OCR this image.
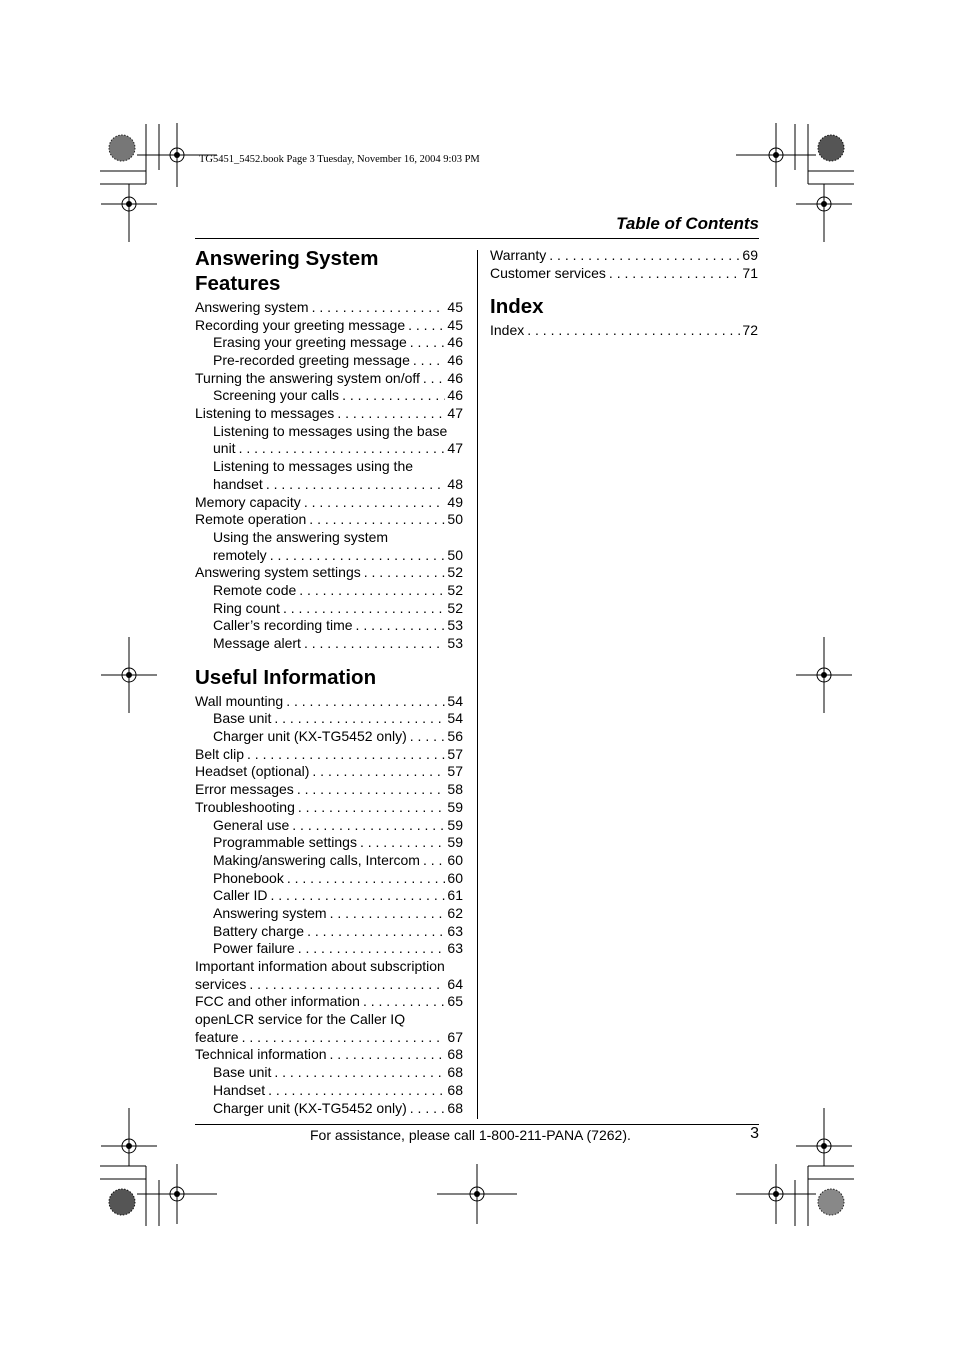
TG5451_5452.book Page 3 Tuesday, November 16, 2004 9:03 PM
Table of Contents
Answering System
Features
Answering system . . .	45
Recording your greeting message . . .	45
Erasing your greeting message . . .	46
Pre-recorded greeting message . . .	46
Turning the answering system on/off . . . 46
Screening your calls . . .	46
Listening to messages . . .	47
Listening to messages using the base
unit . . .	47
Listening to messages using the
handset . . .	48
Memory capacity . . .	49
Remote operation . . .	50
Using the answering system
remotely . . .	50
Answering system settings . . .	52
Remote code . . .	52
Ring count . . .	52
Caller’s recording time . . .	53
Message alert . . .	53
Useful Information
Wall mounting . . .	54
Base unit . . .	54
Charger unit (KX-TG5452 only) . . .	56
Belt clip . . .	57
Headset (optional) . . .	57
Error messages . . .	58
Troubleshooting . . .	59
General use . . .	59
Programmable settings . . .	59
Making/answering calls, Intercom . . . 60
Phonebook . . .	60
Caller ID . . .	61
Answering system . . .	62
Battery charge . . .	63
Power failure . . .	63
Important information about subscription
services . . .	64
FCC and other information . . .	65
openLCR service for the Caller IQ
feature . . .	67
Technical information . . .	68
Base unit . . .	68
Handset . . .	68
Charger unit (KX-TG5452 only) . . .	68
Warranty . . .	69
Customer services . . .	71
Index
Index . . .	72
For assistance, please call 1-800-211-PANA (7262).	3
